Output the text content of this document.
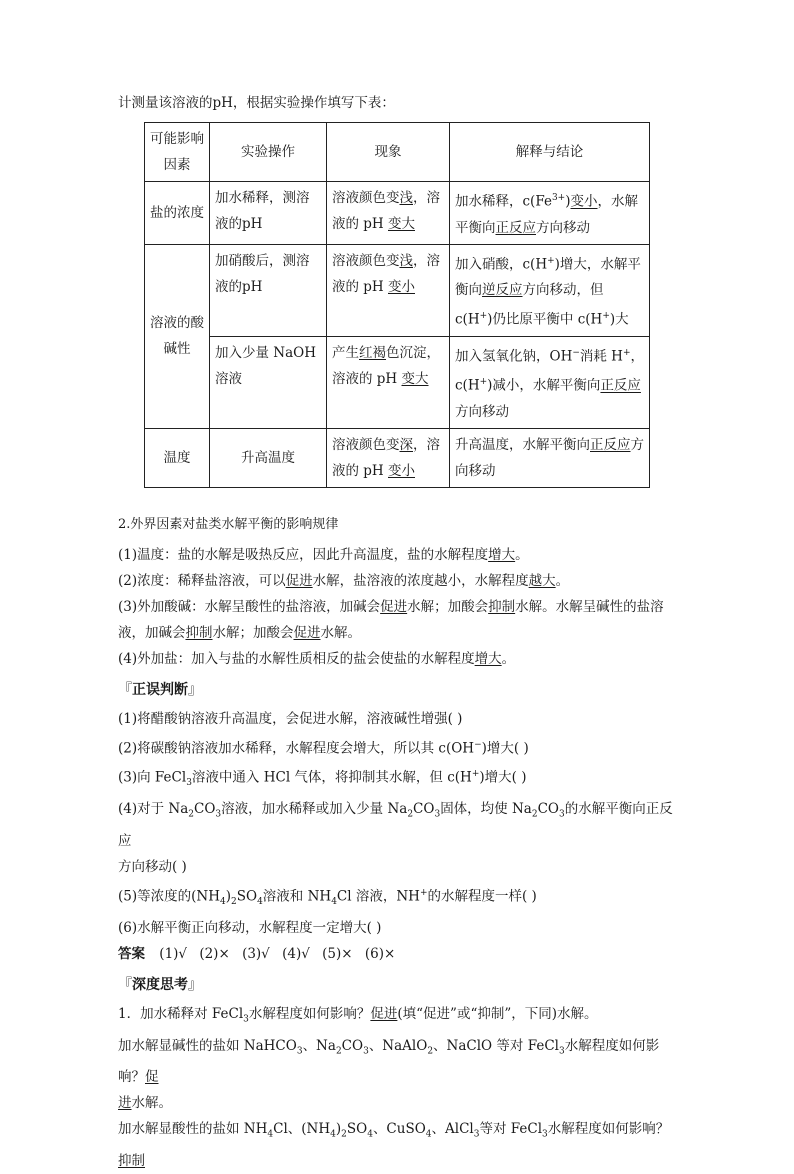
计测量该溶液的pH，根据实验操作填写下表：

可能影响因素	实验操作	现象	解释与结论
盐的浓度	加水稀释，测溶液的pH	溶液颜色变浅，溶液的 pH 变大	加水稀释，$c(Fe^{3+})$变小，水解平衡向正反应方向移动
溶液的酸碱性	加硝酸后，测溶液的pH	溶液颜色变浅，溶液的 pH 变小	加入硝酸，c(H+)增大，水解平衡向逆反应方向移动，但 c(H+)仍比原平衡中 c(H+)大
	加入少量 NaOH 溶液	产生红褐色沉淀，溶液的 pH 变大	加入氢氧化钠，OH−消耗 H+，c(H+)减小，水解平衡向正反应方向移动
温度	升高温度	溶液颜色变深，溶液的 pH 变小	升高温度，水解平衡向正反应方向移动
2.外界因素对盐类水解平衡的影响规律

(1)温度：盐的水解是吸热反应，因此升高温度，盐的水解程度增大。

(2)浓度：稀释盐溶液，可以促进水解，盐溶液的浓度越小，水解程度越大。

(3)外加酸碱：水解呈酸性的盐溶液，加碱会促进水解；加酸会抑制水解。水解呈碱性的盐溶
液，加碱会抑制水解；加酸会促进水解。

(4)外加盐：加入与盐的水解性质相反的盐会使盐的水解程度增大。

『正误判断』

(1)将醋酸钠溶液升高温度，会促进水解，溶液碱性增强( )

(2)将碳酸钠溶液加水稀释，水解程度会增大，所以其 c(OH−)增大( )

(3)向 FeCl$_3$溶液中通入 HCl 气体，将抑制其水解，但 c(H+)增大( )

(4)对于 $Na_2CO_3$溶液，加水稀释或加入少量 $Na_2CO_3$固体，均使 $Na_2CO_3$的水解平衡向正反应
方向移动( )

(5)等浓度的$(NH_4)_2SO_4$溶液和 $NH_4Cl$ 溶液，NH+的水解程度一样( )

(6)水解平衡正向移动，水解程度一定增大( )

答案 (1)√ (2)× (3)√ (4)√ (5)× (6)×

『深度思考』

1．加水稀释对 FeCl$_3$水解程度如何影响？促进(填“促进”或“抑制”，下同)水解。

加水解显碱性的盐如 NaHCO$_3$、$Na_2CO_3$、NaAlO$_2$、NaClO 等对 FeCl$_3$水解程度如何影响？促
进水解。

加水解显酸性的盐如 $NH_4Cl$、$(NH_4)_2SO_4$、CuSO$_4$、AlCl$_3$等对 FeCl$_3$水解程度如何影响？抑制
